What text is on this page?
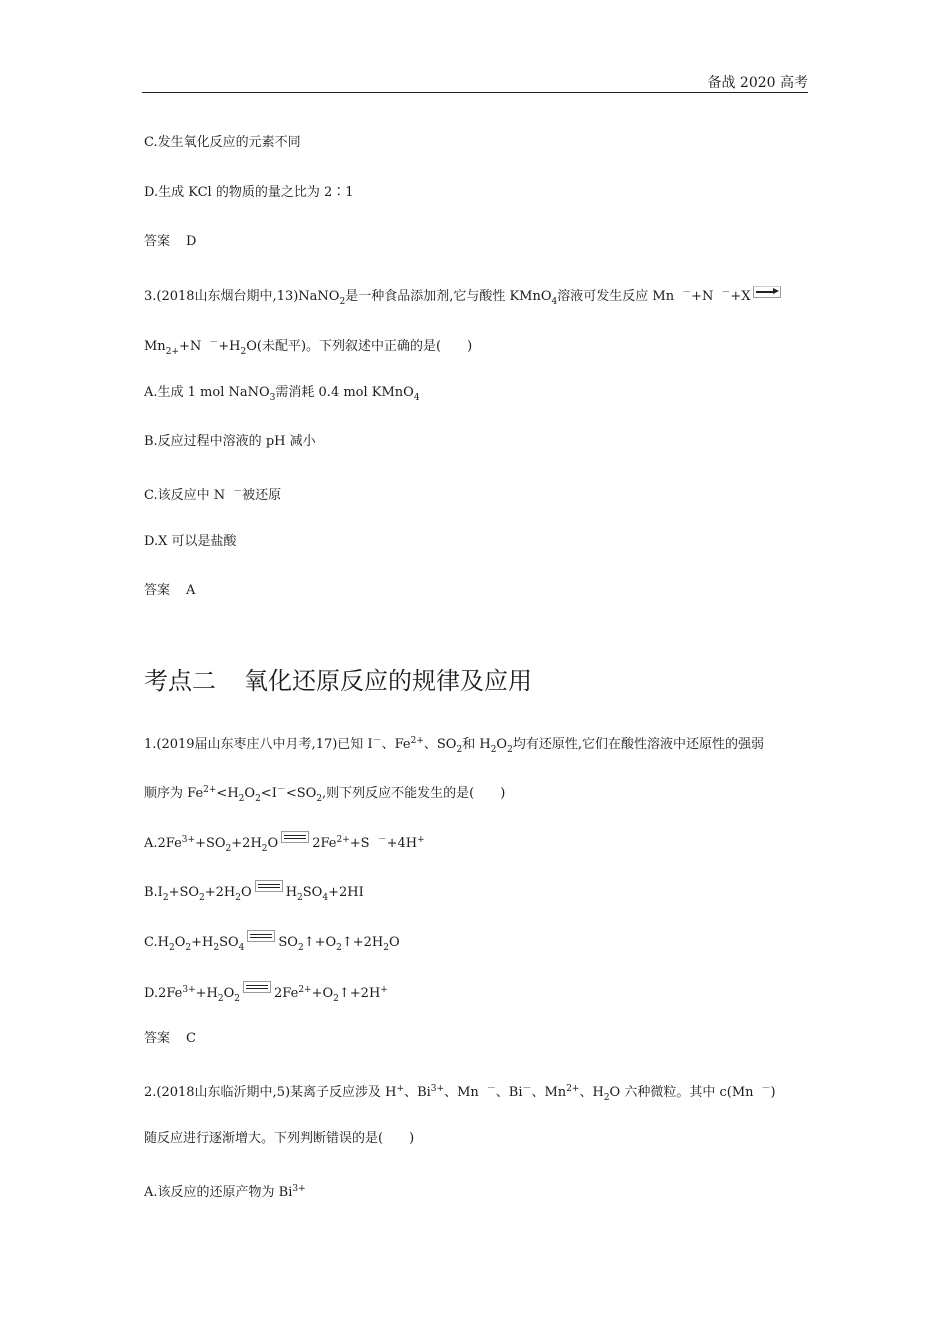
备战 2020 高考
C.发生氧化反应的元素不同
D.生成 KCl 的物质的量之比为 2∶1
答案 D
3.(2018山东烟台期中,13)NaNO$_2$是一种食品添加剂,它与酸性 KMnO$_4$溶液可发生反应 Mn －+N －+X →
$Mn_{2+}+N$ $^-+H_2O$(未配平)。下列叙述中正确的是(　　)
A.生成 1 mol NaNO$_3$需消耗 0.4 mol KMnO$_4$
B.反应过程中溶液的 pH 减小
C.该反应中 N －被还原
D.X 可以是盐酸
答案 A
考点二 氧化还原反应的规律及应用
1.(2019届山东枣庄八中月考,17)已知 I－、$Fe^{2+}$、$SO_2$和 $H_2O_2$均有还原性,它们在酸性溶液中还原性的强弱
顺序为 $Fe^{2+}<H_2O_2<I^-<SO_2$,则下列反应不能发生的是(　　)
$A.2Fe^{3+}+SO_2+2H_2O$	$2Fe^{2+}+S$ －+4H+
$B.I_2+SO_2+2H_2O$	$H_2SO_4+2HI$
$C.H_2O_2+H_2SO_4$	$SO_2↑+O_2↑+2H_2O$
$D.2Fe^{3+}+H_2O_2$	$2Fe^{2+}+O_2↑+2H^+$
答案 C
2.(2018山东临沂期中,5)某离子反应涉及 H+、$Bi^{3+}$、Mn －、Bi－、$Mn^{2+}$、$H_2O$ 六种微粒。其中 c(Mn －)
随反应进行逐渐增大。下列判断错误的是(　　)
A.该反应的还原产物为 $Bi^{3+}$
